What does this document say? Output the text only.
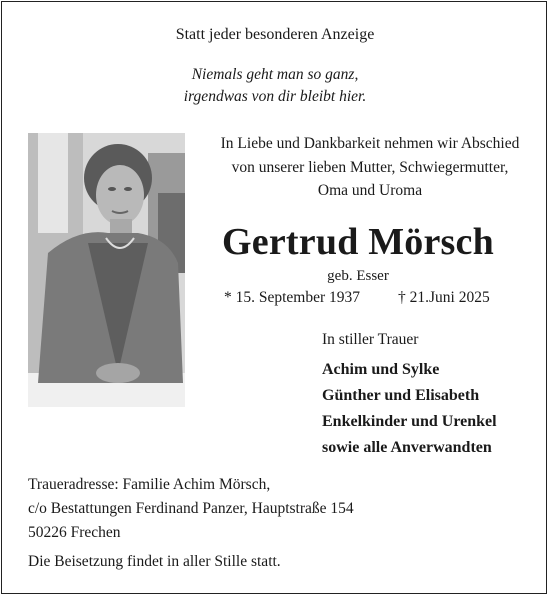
Statt jeder besonderen Anzeige
Niemals geht man so ganz,
irgendwas von dir bleibt hier.
In Liebe und Dankbarkeit nehmen wir Abschied
von unserer lieben Mutter, Schwiegermutter,
Oma und Uroma
Gertrud Mörsch
geb. Esser
* 15. September 1937 † 21.Juni 2025
In stiller Trauer
Achim und Sylke
Günther und Elisabeth
Enkelkinder und Urenkel
sowie alle Anverwandten
Traueradresse: Familie Achim Mörsch,
c/o Bestattungen Ferdinand Panzer, Hauptstraße 154
50226 Frechen
Die Beisetzung findet in aller Stille statt.
